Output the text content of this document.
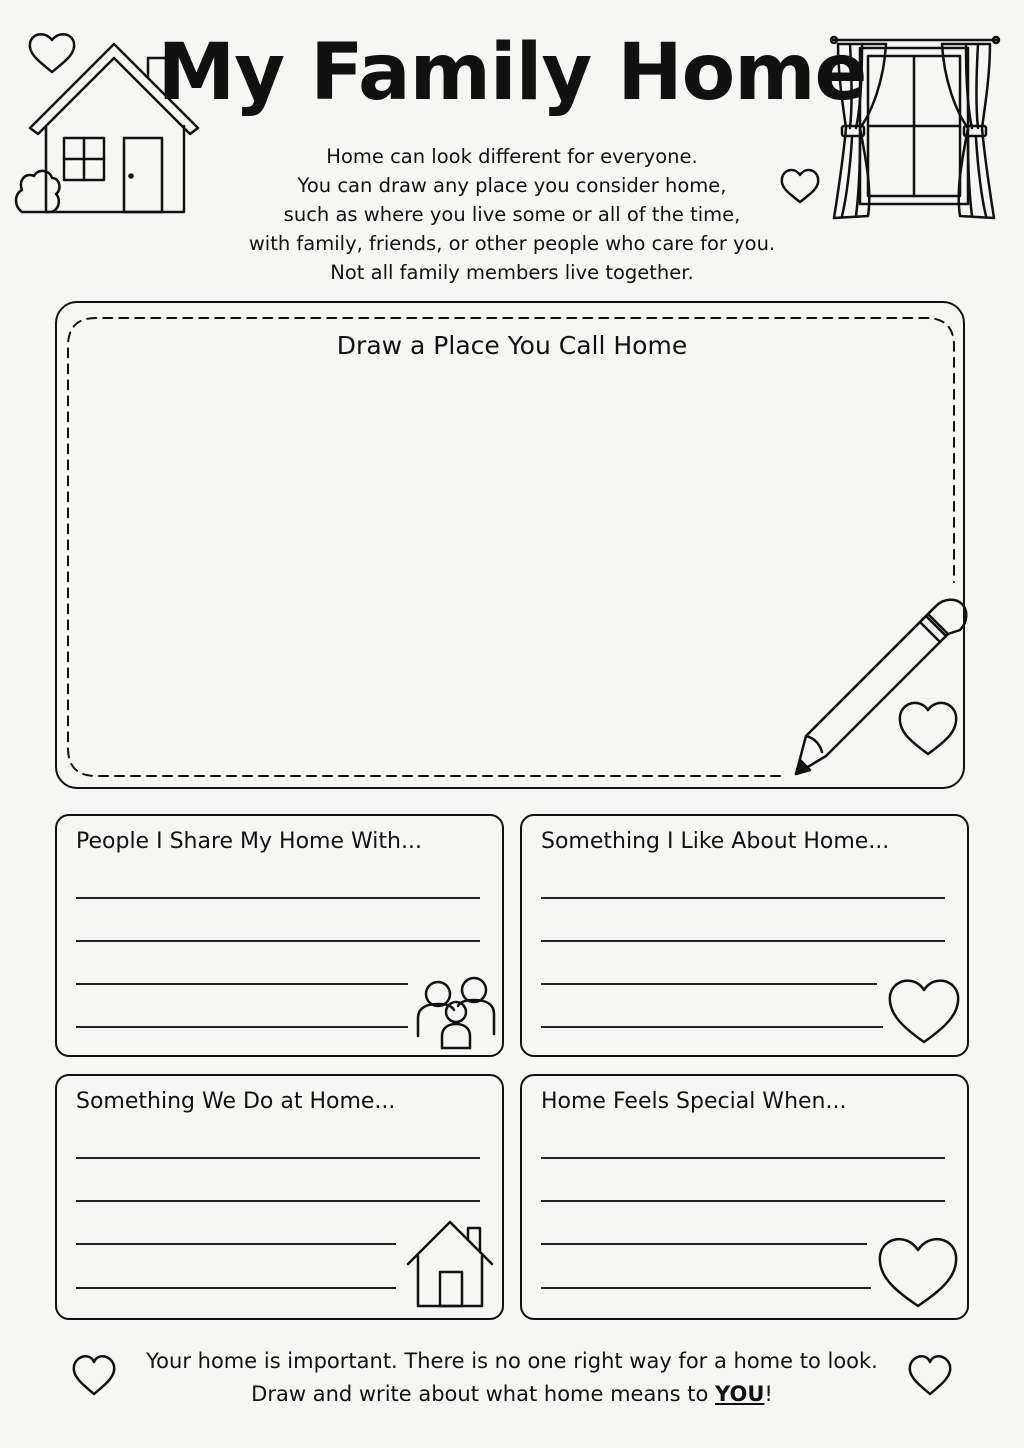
My Family Home
Home can look different for everyone.
You can draw any place you consider home,
such as where you live some or all of the time,
with family, friends, or other people who care for you.
Not all family members live together.
Draw a Place You Call Home
People I Share My Home With...	Something I Like About Home...
Something We Do at Home...	Home Feels Special When...
Your home is important. There is no one right way for a home to look.
Draw and write about what home means to YOU!
